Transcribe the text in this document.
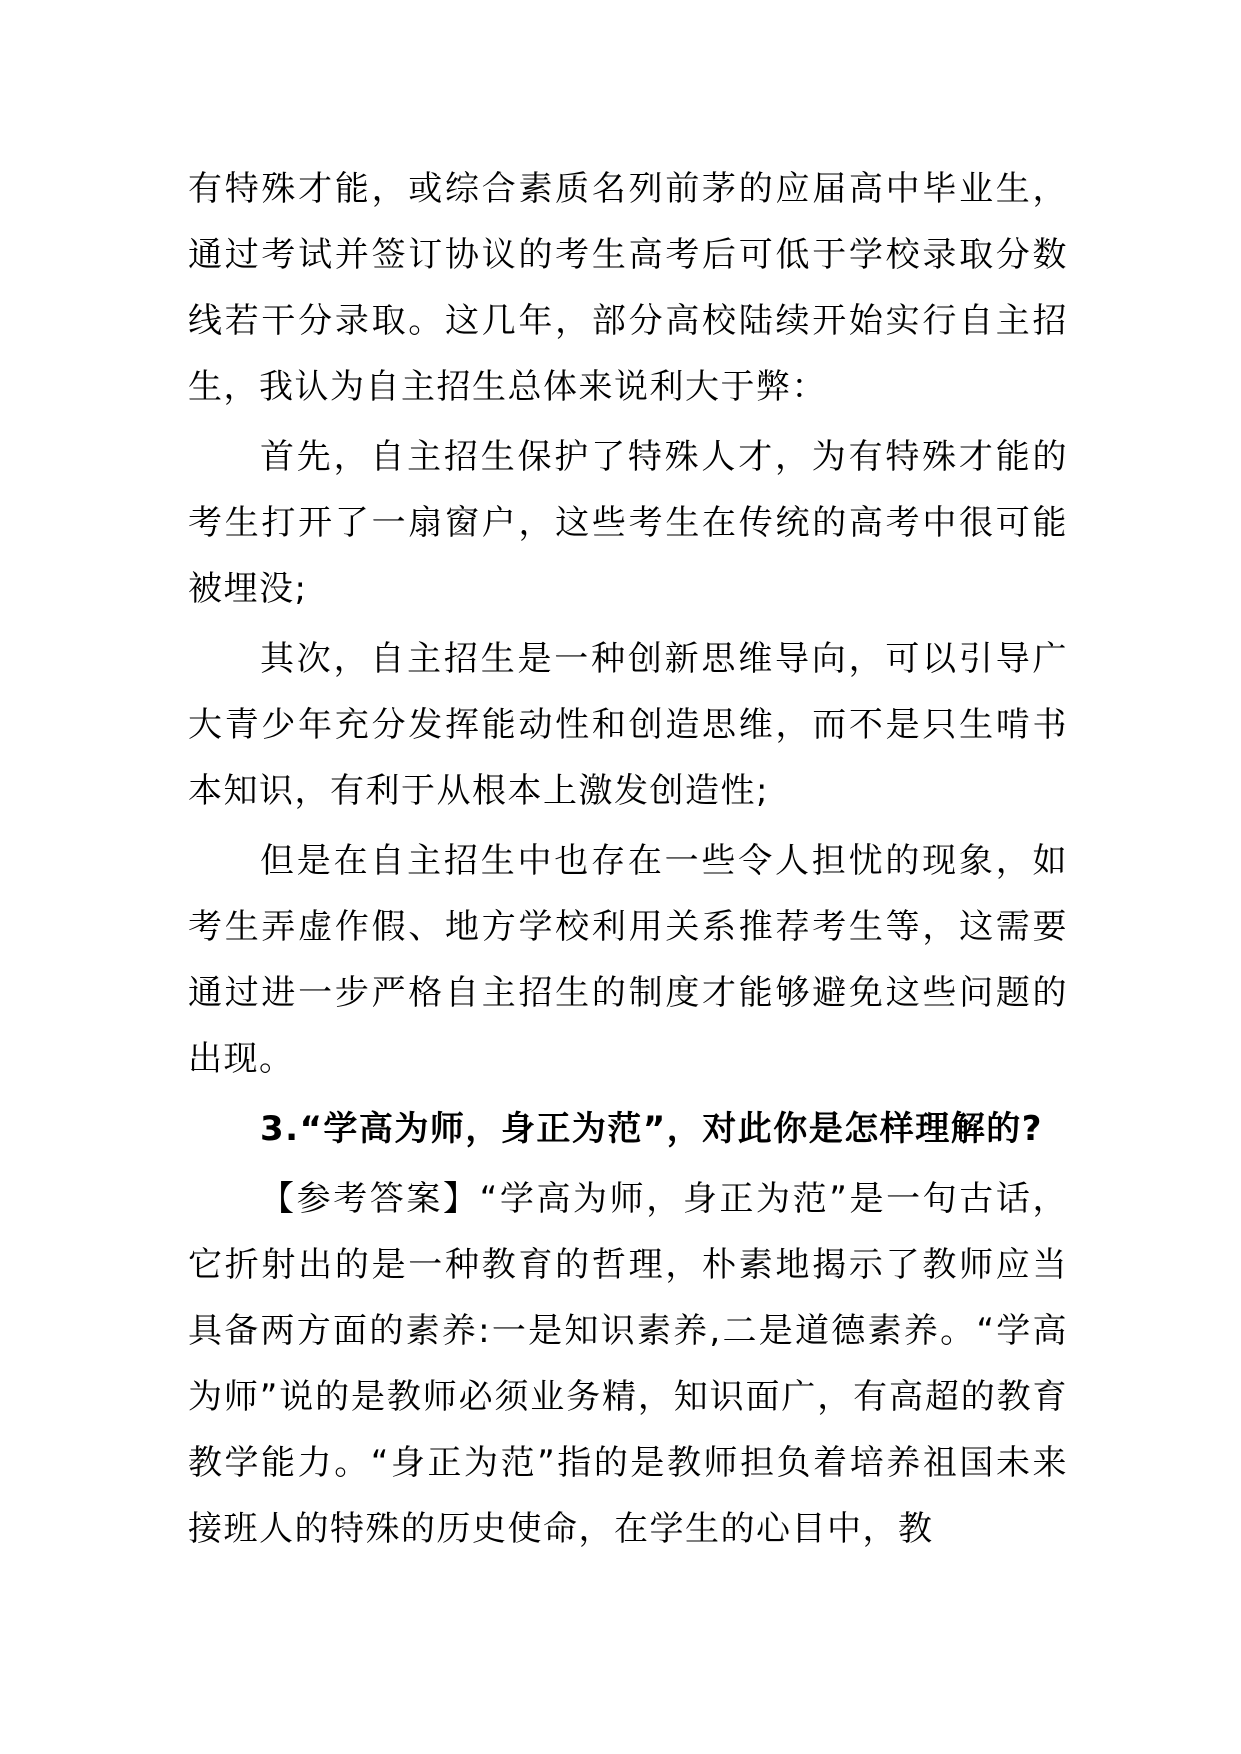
有特殊才能，或综合素质名列前茅的应届高中毕业生，通过考试并签订协议的考生高考后可低于学校录取分数线若干分录取。这几年，部分高校陆续开始实行自主招生，我认为自主招生总体来说利大于弊：

首先，自主招生保护了特殊人才，为有特殊才能的考生打开了一扇窗户，这些考生在传统的高考中很可能被埋没;

其次，自主招生是一种创新思维导向，可以引导广大青少年充分发挥能动性和创造思维，而不是只生啃书本知识，有利于从根本上激发创造性;

但是在自主招生中也存在一些令人担忧的现象，如考生弄虚作假、地方学校利用关系推荐考生等，这需要通过进一步严格自主招生的制度才能够避免这些问题的出现。

3.“学高为师，身正为范”，对此你是怎样理解的?

【参考答案】“学高为师，身正为范”是一句古话，它折射出的是一种教育的哲理，朴素地揭示了教师应当具备两方面的素养:一是知识素养,二是道德素养。“学高为师”说的是教师必须业务精，知识面广，有高超的教育教学能力。“身正为范”指的是教师担负着培养祖国未来接班人的特殊的历史使命，在学生的心目中，教
